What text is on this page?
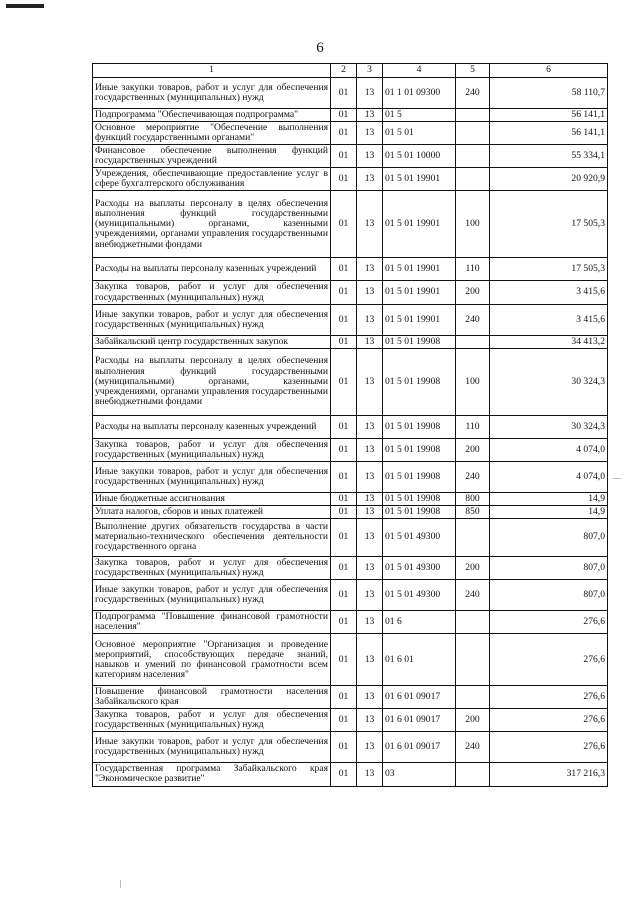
6
1	2	3	4	5	6
Иные закупки товаров, работ и услуг для обеспечения государственных (муниципальных) нужд	01	13	01 1 01 09300	240	58 110,7
Подпрограмма "Обеспечивающая подпрограмма"	01	13	01 5		56 141,1
Основное мероприятие "Обеспечение выполнения функций государственными органами"	01	13	01 5 01		56 141,1
Финансовое обеспечение выполнения функций государственных учреждений	01	13	01 5 01 10000		55 334,1
Учреждения, обеспечивающие предоставление услуг в сфере бухгалтерского обслуживания	01	13	01 5 01 19901		20 920,9
Расходы на выплаты персоналу в целях обеспечения выполнения функций государственными (муниципальными) органами, казенными учреждениями, органами управления государственными внебюджетными фондами	01	13	01 5 01 19901	100	17 505,3
Расходы на выплаты персоналу казенных учреждений	01	13	01 5 01 19901	110	17 505,3
Закупка товаров, работ и услуг для обеспечения государственных (муниципальных) нужд	01	13	01 5 01 19901	200	3 415,6
Иные закупки товаров, работ и услуг для обеспечения государственных (муниципальных) нужд	01	13	01 5 01 19901	240	3 415,6
Забайкальский центр государственных закупок	01	13	01 5 01 19908		34 413,2
Расходы на выплаты персоналу в целях обеспечения выполнения функций государственными (муниципальными) органами, казенными учреждениями, органами управления государственными внебюджетными фондами	01	13	01 5 01 19908	100	30 324,3
Расходы на выплаты персоналу казенных учреждений	01	13	01 5 01 19908	110	30 324,3
Закупка товаров, работ и услуг для обеспечения государственных (муниципальных) нужд	01	13	01 5 01 19908	200	4 074,0
Иные закупки товаров, работ и услуг для обеспечения государственных (муниципальных) нужд	01	13	01 5 01 19908	240	4 074,0
Иные бюджетные ассигнования	01	13	01 5 01 19908	800	14,9
Уплата налогов, сборов и иных платежей	01	13	01 5 01 19908	850	14,9
Выполнение других обязательств государства в части материально-технического обеспечения деятельности государственного органа	01	13	01 5 01 49300		807,0
Закупка товаров, работ и услуг для обеспечения государственных (муниципальных) нужд	01	13	01 5 01 49300	200	807,0
Иные закупки товаров, работ и услуг для обеспечения государственных (муниципальных) нужд	01	13	01 5 01 49300	240	807,0
Подпрограмма "Повышение финансовой грамотности населения"	01	13	01 6		276,6
Основное мероприятие "Организация и проведение мероприятий, способствующих передаче знаний, навыков и умений по финансовой грамотности всем категориям населения"	01	13	01 6 01		276,6
Повышение финансовой грамотности населения Забайкальского края	01	13	01 6 01 09017		276,6
Закупка товаров, работ и услуг для обеспечения государственных (муниципальных) нужд	01	13	01 6 01 09017	200	276,6
Иные закупки товаров, работ и услуг для обеспечения государственных (муниципальных) нужд	01	13	01 6 01 09017	240	276,6
Государственная программа Забайкальского края "Экономическое развитие"	01	13	03		317 216,3
